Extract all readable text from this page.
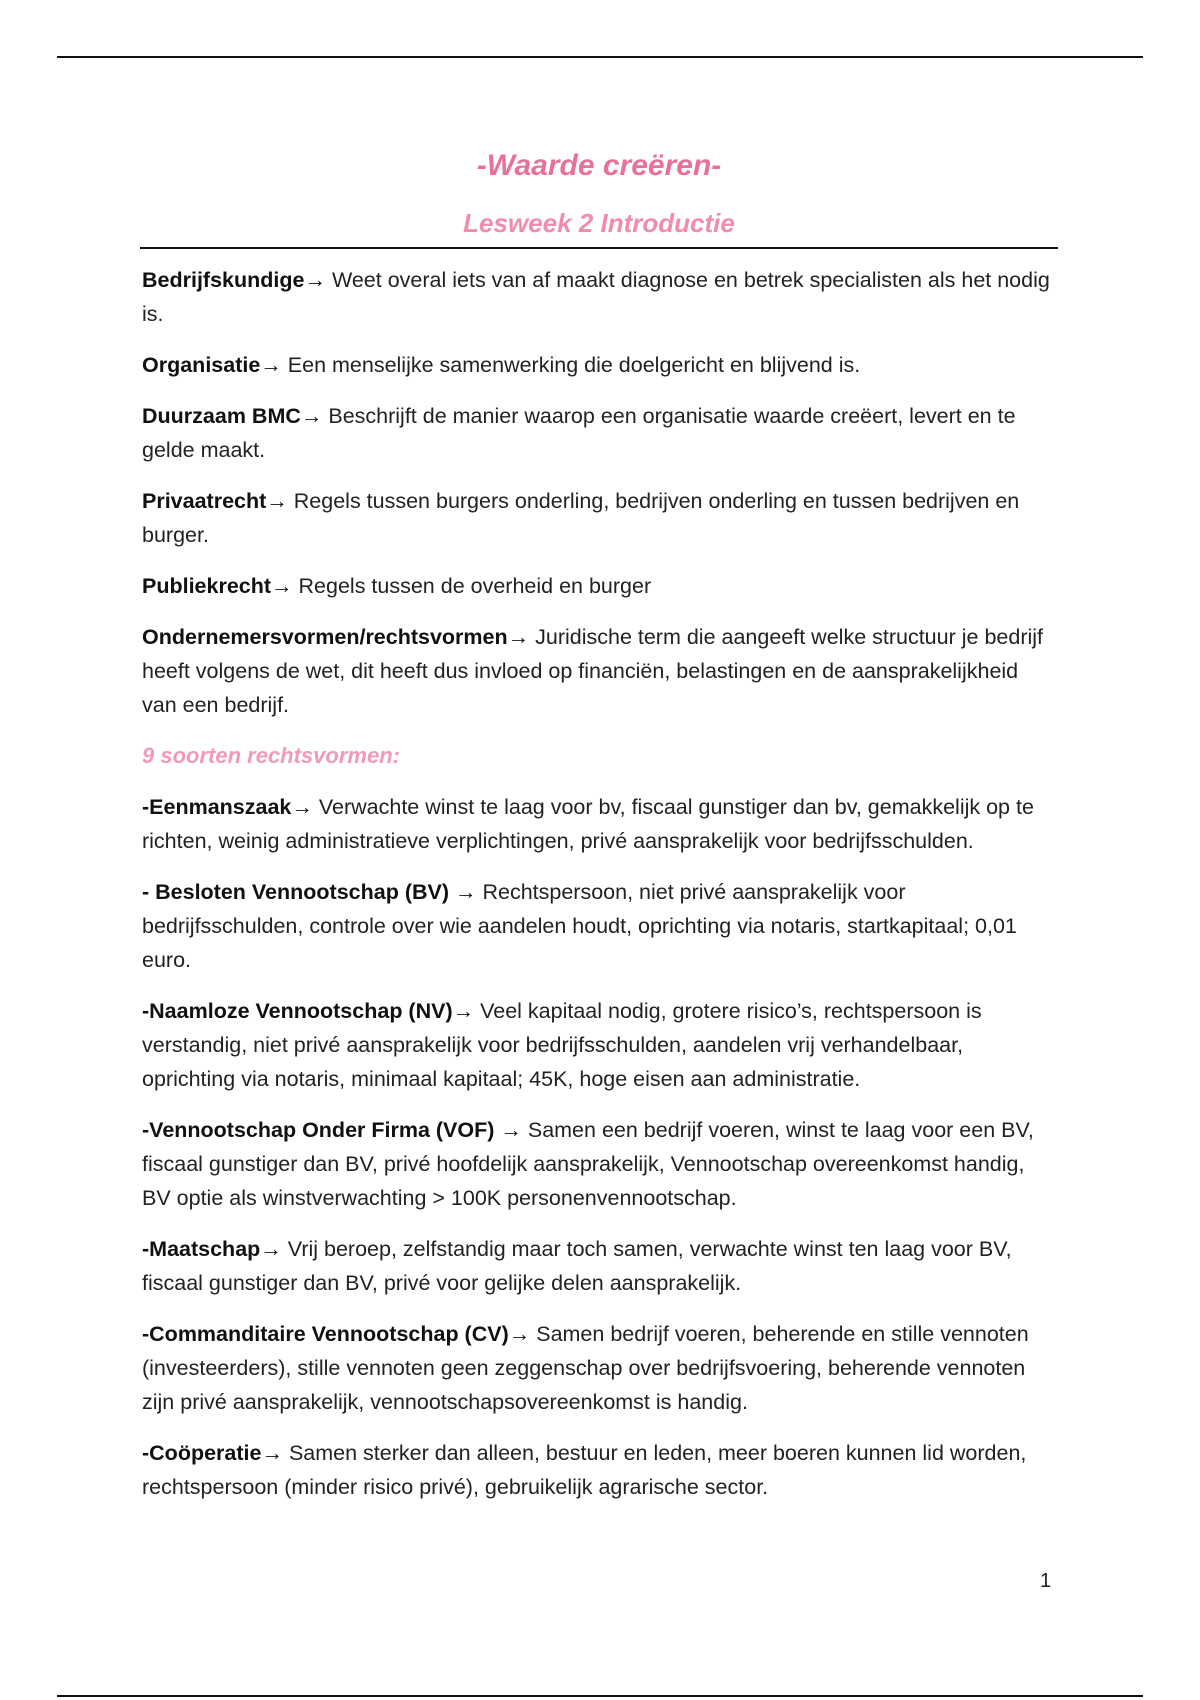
-Waarde creëren-
Lesweek 2 Introductie

Bedrijfskundige→ Weet overal iets van af maakt diagnose en betrek specialisten als het nodig is.

Organisatie→ Een menselijke samenwerking die doelgericht en blijvend is.

Duurzaam BMC→ Beschrijft de manier waarop een organisatie waarde creëert, levert en te gelde maakt.

Privaatrecht→ Regels tussen burgers onderling, bedrijven onderling en tussen bedrijven en burger.

Publiekrecht→ Regels tussen de overheid en burger

Ondernemersvormen/rechtsvormen→ Juridische term die aangeeft welke structuur je bedrijf heeft volgens de wet, dit heeft dus invloed op financiën, belastingen en de aansprakelijkheid van een bedrijf.

9 soorten rechtsvormen:

-Eenmanszaak→ Verwachte winst te laag voor bv, fiscaal gunstiger dan bv, gemakkelijk op te richten, weinig administratieve verplichtingen, privé aansprakelijk voor bedrijfsschulden.

- Besloten Vennootschap (BV) → Rechtspersoon, niet privé aansprakelijk voor bedrijfsschulden, controle over wie aandelen houdt, oprichting via notaris, startkapitaal; 0,01 euro.

-Naamloze Vennootschap (NV)→ Veel kapitaal nodig, grotere risico’s, rechtspersoon is verstandig, niet privé aansprakelijk voor bedrijfsschulden, aandelen vrij verhandelbaar, oprichting via notaris, minimaal kapitaal; 45K, hoge eisen aan administratie.

-Vennootschap Onder Firma (VOF) → Samen een bedrijf voeren, winst te laag voor een BV, fiscaal gunstiger dan BV, privé hoofdelijk aansprakelijk, Vennootschap overeenkomst handig, BV optie als winstverwachting > 100K personenvennootschap.

-Maatschap→ Vrij beroep, zelfstandig maar toch samen, verwachte winst ten laag voor BV, fiscaal gunstiger dan BV, privé voor gelijke delen aansprakelijk.

-Commanditaire Vennootschap (CV)→ Samen bedrijf voeren, beherende en stille vennoten (investeerders), stille vennoten geen zeggenschap over bedrijfsvoering, beherende vennoten zijn privé aansprakelijk, vennootschapsovereenkomst is handig.

-Coöperatie→ Samen sterker dan alleen, bestuur en leden, meer boeren kunnen lid worden, rechtspersoon (minder risico privé), gebruikelijk agrarische sector.

1
